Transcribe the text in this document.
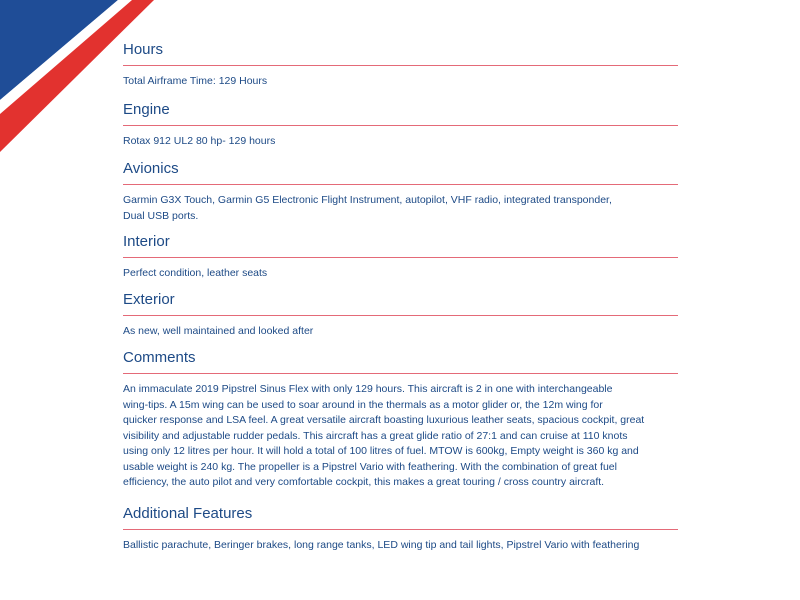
Hours
Total Airframe Time: 129 Hours
Engine
Rotax 912 UL2 80 hp- 129 hours
Avionics
Garmin G3X Touch, Garmin G5 Electronic Flight Instrument, autopilot, VHF radio, integrated transponder,
Dual USB ports.
Interior
Perfect condition, leather seats
Exterior
As new, well maintained and looked after
Comments
An immaculate 2019 Pipstrel Sinus Flex with only 129 hours. This aircraft is 2 in one with interchangeable
wing-tips. A 15m wing can be used to soar around in the thermals as a motor glider or, the 12m wing for
quicker response and LSA feel. A great versatile aircraft boasting luxurious leather seats, spacious cockpit, great
visibility and adjustable rudder pedals. This aircraft has a great glide ratio of 27:1 and can cruise at 110 knots
using only 12 litres per hour. It will hold a total of 100 litres of fuel. MTOW is 600kg, Empty weight is 360 kg and
usable weight is 240 kg. The propeller is a Pipstrel Vario with feathering. With the combination of great fuel
efficiency, the auto pilot and very comfortable cockpit, this makes a great touring / cross country aircraft.
Additional Features
Ballistic parachute, Beringer brakes, long range tanks, LED wing tip and tail lights, Pipstrel Vario with feathering
